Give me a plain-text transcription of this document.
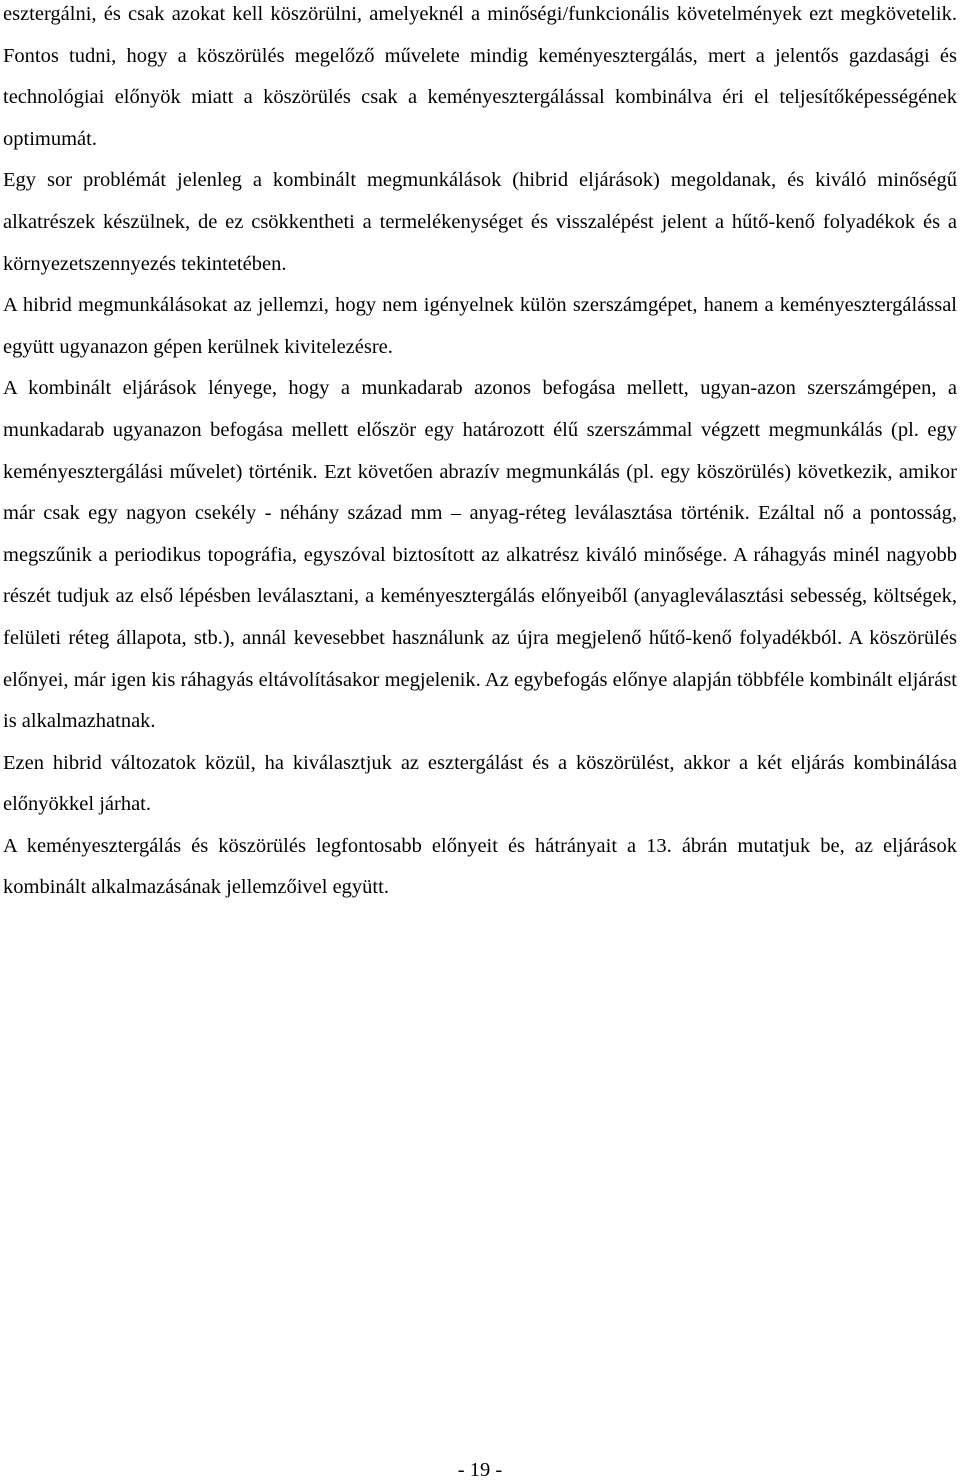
esztergálni, és csak azokat kell köszörülni, amelyeknél a minőségi/funkcionális követelmények ezt megkövetelik. Fontos tudni, hogy a köszörülés megelőző művelete mindig keményesztergálás, mert a jelentős gazdasági és technológiai előnyök miatt a köszörülés csak a keményesztergálással kombinálva éri el teljesítőképességének optimumát.

Egy sor problémát jelenleg a kombinált megmunkálások (hibrid eljárások) megoldanak, és kiváló minőségű alkatrészek készülnek, de ez csökkentheti a termelékenységet és visszalépést jelent a hűtő-kenő folyadékok és a környezetszennyezés tekintetében.

A hibrid megmunkálásokat az jellemzi, hogy nem igényelnek külön szerszámgépet, hanem a keményesztergálással együtt ugyanazon gépen kerülnek kivitelezésre.

A kombinált eljárások lényege, hogy a munkadarab azonos befogása mellett, ugyan-azon szerszámgépen, a munkadarab ugyanazon befogása mellett először egy határozott élű szerszámmal végzett megmunkálás (pl. egy keményesztergálási művelet) történik. Ezt követően abrazív megmunkálás (pl. egy köszörülés) következik, amikor már csak egy nagyon csekély - néhány század mm – anyag-réteg leválasztása történik. Ezáltal nő a pontosság, megszűnik a periodikus topográfia, egyszóval biztosított az alkatrész kiváló minősége. A ráhagyás minél nagyobb részét tudjuk az első lépésben leválasztani, a keményesztergálás előnyeiből (anyagleválasztási sebesség, költségek, felületi réteg állapota, stb.), annál kevesebbet használunk az újra megjelenő hűtő-kenő folyadékból. A köszörülés előnyei, már igen kis ráhagyás eltávolításakor megjelenik. Az egybefogás előnye alapján többféle kombinált eljárást is alkalmazhatnak.

Ezen hibrid változatok közül, ha kiválasztjuk az esztergálást és a köszörülést, akkor a két eljárás kombinálása előnyökkel járhat.

A keményesztergálás és köszörülés legfontosabb előnyeit és hátrányait a 13. ábrán mutatjuk be, az eljárások kombinált alkalmazásának jellemzőivel együtt.

- 19 -
